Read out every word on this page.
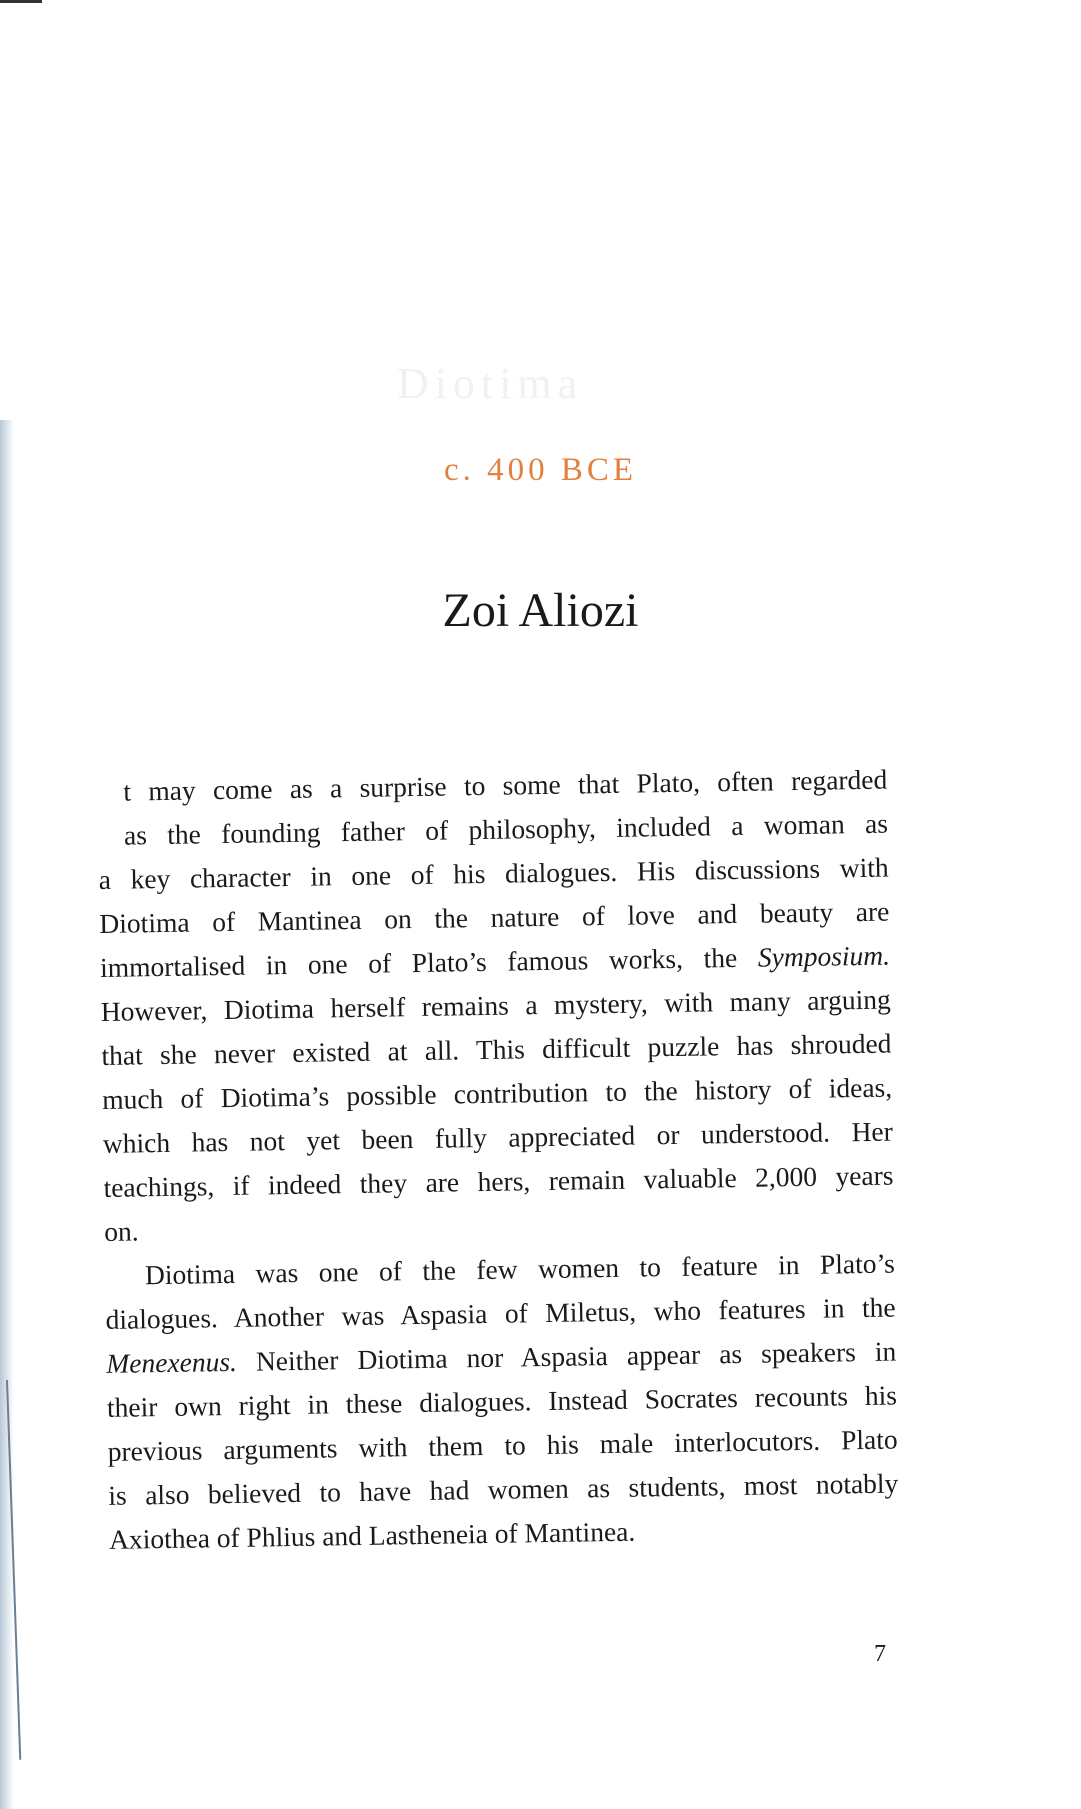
Diotima
c. 400 BCE
Zoi Aliozi
t may come as a surprise to some that Plato, often regarded
as the founding father of philosophy, included a woman as
a key character in one of his dialogues. His discussions with
Diotima of Mantinea on the nature of love and beauty are
immortalised in one of Plato’s famous works, the Symposium.
However, Diotima herself remains a mystery, with many arguing
that she never existed at all. This difficult puzzle has shrouded
much of Diotima’s possible contribution to the history of ideas,
which has not yet been fully appreciated or understood. Her
teachings, if indeed they are hers, remain valuable 2,000 years
on.
Diotima was one of the few women to feature in Plato’s
dialogues. Another was Aspasia of Miletus, who features in the
Menexenus. Neither Diotima nor Aspasia appear as speakers in
their own right in these dialogues. Instead Socrates recounts his
previous arguments with them to his male interlocutors. Plato
is also believed to have had women as students, most notably
Axiothea of Phlius and Lastheneia of Mantinea.
7
